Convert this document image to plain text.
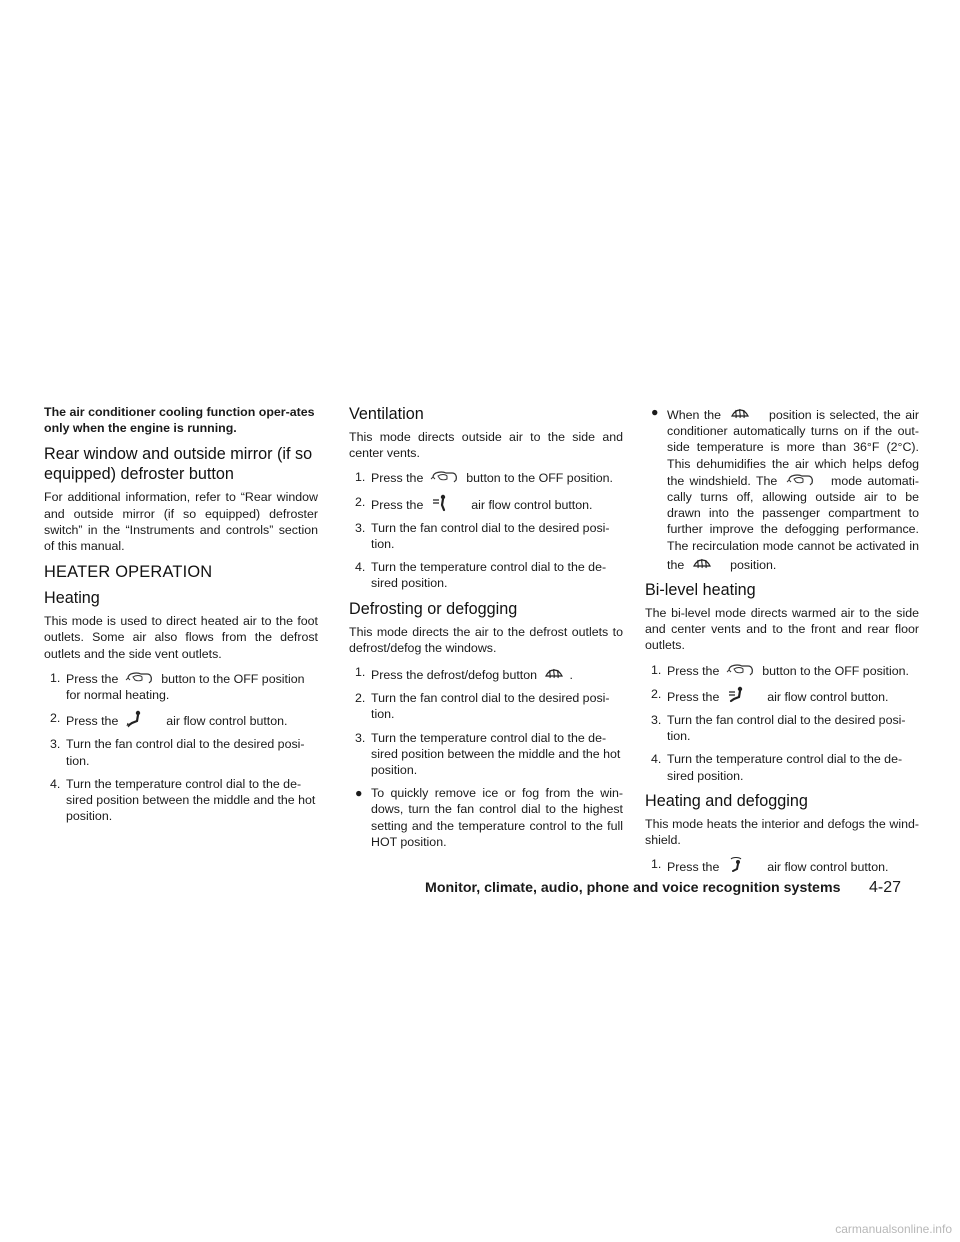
The air conditioner cooling function oper-ates only when the engine is running.

Rear window and outside mirror (if so equipped) defroster button

For additional information, refer to “Rear window and outside mirror (if so equipped) defroster switch” in the “Instruments and controls” section of this manual.

HEATER OPERATION
Heating

This mode is used to direct heated air to the foot outlets. Some air also flows from the defrost outlets and the side vent outlets.

1. Press the	button to the OFF position for normal heating.
2. Press the	air flow control button.
3. Turn the fan control dial to the desired posi-tion.
4. Turn the temperature control dial to the de-sired position between the middle and the hot position.
Ventilation

This mode directs outside air to the side and center vents.

1. Press the	button to the OFF position.
2. Press the	air flow control button.
3. Turn the fan control dial to the desired posi-tion.
4. Turn the temperature control dial to the de-sired position.
Defrosting or defogging

This mode directs the air to the defrost outlets to defrost/defog the windows.

1. Press the defrost/defog button	.
2. Turn the fan control dial to the desired posi-tion.
3. Turn the temperature control dial to the de-sired position between the middle and the hot position.
● To quickly remove ice or fog from the win-dows, turn the fan control dial to the highest setting and the temperature control to the full HOT position.
● When the	position is selected, the air conditioner automatically turns on if the out-side temperature is more than 36°F (2°C). This dehumidifies the air which helps defog the windshield. The	mode automati-cally turns off, allowing outside air to be drawn into the passenger compartment to further improve the defogging performance. The recirculation mode cannot be activated in the	position.
Bi-level heating

The bi-level mode directs warmed air to the side and center vents and to the front and rear floor outlets.

1. Press the	button to the OFF position.
2. Press the	air flow control button.
3. Turn the fan control dial to the desired posi-tion.
4. Turn the temperature control dial to the de-sired position.
Heating and defogging

This mode heats the interior and defogs the wind-shield.

1. Press the	air flow control button.
Monitor, climate, audio, phone and voice recognition systems 4-27
carmanualsonline.info
